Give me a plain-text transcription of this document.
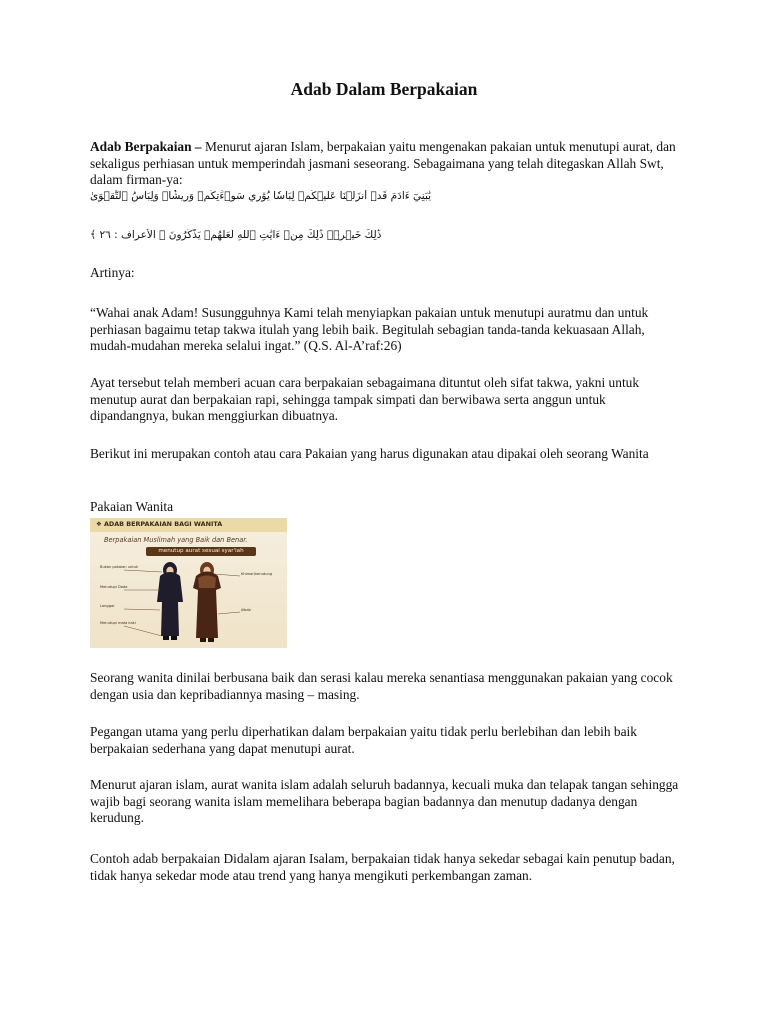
Adab Dalam Berpakaian

Adab Berpakaian – Menurut ajaran Islam, berpakaian yaitu mengenakan pakaian untuk menutupi aurat, dan sekaligus perhiasan untuk memperindah jasmani seseorang. Sebagaimana yang telah ditegaskan Allah Swt, dalam firman-ya:

يَٰبَنِيٓ ءَادَمَ قَدۡ أَنزَلۡنَا عَلَيۡكُمۡ لِبَاسٗا يُوَٰرِي سَوۡءَٰتِكُمۡ وَرِيشٗاۖ وَلِبَاسُ ٱلتَّقۡوَىٰ
ذَٰلِكَ خَيۡرٞۚ ذَٰلِكَ مِنۡ ءَايَٰتِ ٱللَّهِ لَعَلَّهُمۡ يَذَّكَّرُونَ ﴿ الأعراف : ٢٦ ﴾

Artinya:

“Wahai anak Adam! Susungguhnya Kami telah menyiapkan pakaian untuk menutupi auratmu dan untuk perhiasan bagaimu tetap takwa itulah yang lebih baik. Begitulah sebagian tanda-tanda kekuasaan Allah, mudah-mudahan mereka selalui ingat.” (Q.S. Al-A’raf:26)

Ayat tersebut telah memberi acuan cara berpakaian sebagaimana dituntut oleh sifat takwa, yakni untuk menutup aurat dan berpakaian rapi, sehingga tampak simpati dan berwibawa serta anggun untuk dipandangnya, bukan menggiurkan dibuatnya.

Berikut ini merupakan contoh atau cara Pakaian yang harus digunakan atau dipakai oleh seorang Wanita

Pakaian Wanita

❖ ADAB BERPAKAIAN BAGI WANITA
Berpakaian Muslimah yang Baik dan Benar.
menutup aurat sesuai syar'iah
Bukan pakaian untuk
Menutupi Dada
Longgar
Menutupi mata kaki
Khimar/kerudung
Jilbab

Seorang wanita dinilai berbusana baik dan serasi kalau mereka senantiasa menggunakan pakaian yang cocok dengan usia dan kepribadiannya masing – masing.

Pegangan utama yang perlu diperhatikan dalam berpakaian yaitu tidak perlu berlebihan dan lebih baik berpakaian sederhana yang dapat menutupi aurat.

Menurut ajaran islam, aurat wanita islam adalah seluruh badannya, kecuali muka dan telapak tangan sehingga wajib bagi seorang wanita islam memelihara beberapa bagian badannya dan menutup dadanya dengan kerudung.

Contoh adab berpakaian Didalam ajaran Isalam, berpakaian tidak hanya sekedar sebagai kain penutup badan, tidak hanya sekedar mode atau trend yang hanya mengikuti perkembangan zaman.
